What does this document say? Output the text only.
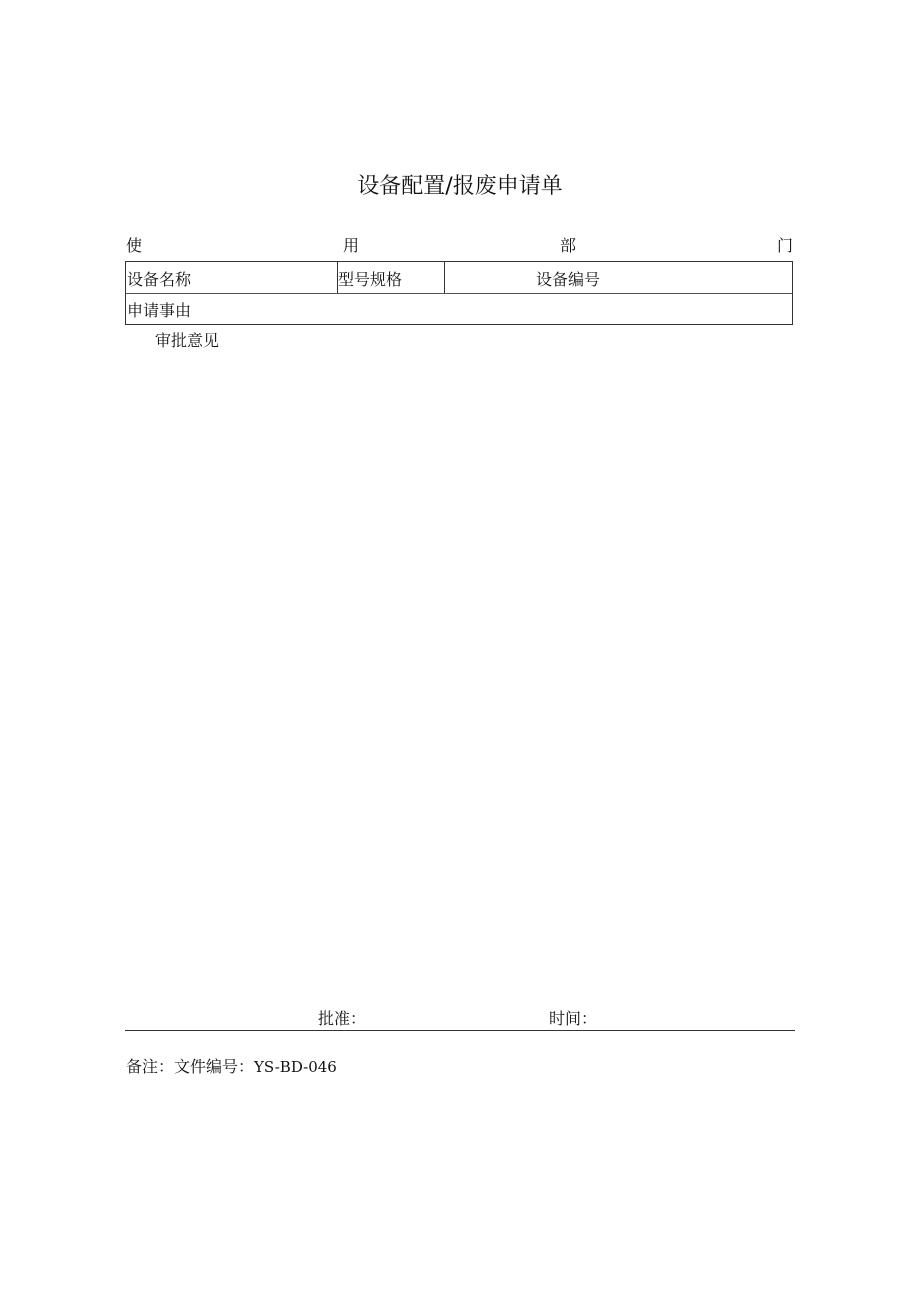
设备配置/报废申请单
使	用	部	门
设备名称	型号规格	设备编号
申请事由
审批意见
批准：	时间：
备注：文件编号：YS-BD-046
